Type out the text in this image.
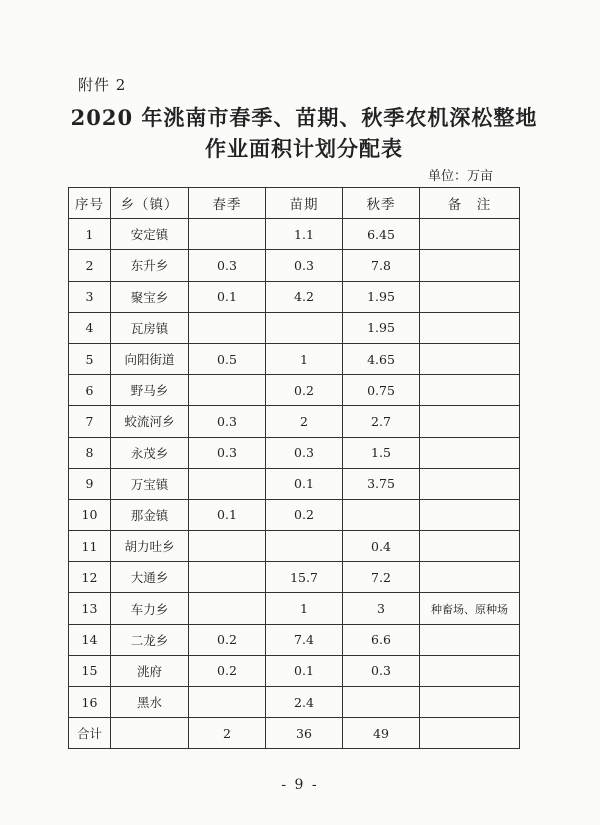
附件 2
2020 年洮南市春季、苗期、秋季农机深松整地
作业面积计划分配表
单位：万亩
序号	乡（镇）	春季	苗期	秋季	备　注
1	安定镇		1.1	6.45	
2	东升乡	0.3	0.3	7.8	
3	聚宝乡	0.1	4.2	1.95	
4	瓦房镇			1.95	
5	向阳街道	0.5	1	4.65	
6	野马乡		0.2	0.75	
7	蛟流河乡	0.3	2	2.7	
8	永茂乡	0.3	0.3	1.5	
9	万宝镇		0.1	3.75	
10	那金镇	0.1	0.2		
11	胡力吐乡			0.4	
12	大通乡		15.7	7.2	
13	车力乡		1	3	种畜场、原种场
14	二龙乡	0.2	7.4	6.6	
15	洮府	0.2	0.1	0.3	
16	黑水		2.4		
合计		2	36	49	
- 9 -
